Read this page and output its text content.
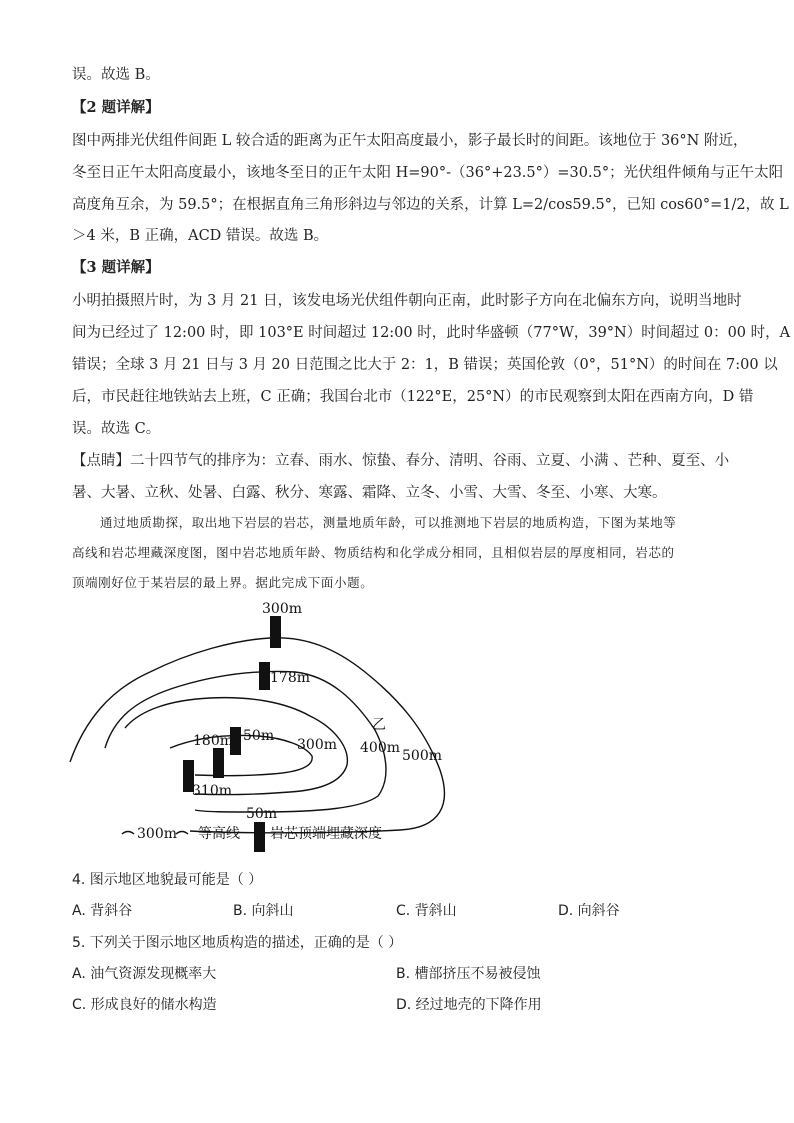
误。故选 B。
【2 题详解】
图中两排光伏组件间距 L 较合适的距离为正午太阳高度最小，影子最长时的间距。该地位于 36°N 附近，
冬至日正午太阳高度最小，该地冬至日的正午太阳 H=90°-（36°+23.5°）=30.5°；光伏组件倾角与正午太阳
高度角互余，为 59.5°；在根据直角三角形斜边与邻边的关系，计算 L=2/cos59.5°，已知 cos60°=1/2，故 L
＞4 米，B 正确，ACD 错误。故选 B。
【3 题详解】
小明拍摄照片时，为 3 月 21 日，该发电场光伏组件朝向正南，此时影子方向在北偏东方向，说明当地时
间为已经过了 12:00 时，即 103°E 时间超过 12:00 时，此时华盛顿（77°W，39°N）时间超过 0：00 时，A
错误；全球 3 月 21 日与 3 月 20 日范围之比大于 2：1，B 错误；英国伦敦（0°，51°N）的时间在 7:00 以
后，市民赶往地铁站去上班，C 正确；我国台北市（122°E，25°N）的市民观察到太阳在西南方向，D 错
误。故选 C。
【点睛】二十四节气的排序为：立春、雨水、惊蛰、春分、清明、谷雨、立夏、小满 、芒种、夏至、小
暑、大暑、立秋、处暑、白露、秋分、寒露、霜降、立冬、小雪、大雪、冬至、小寒、大寒。
通过地质勘探，取出地下岩层的岩芯，测量地质年龄，可以推测地下岩层的地质构造，下图为某地等
高线和岩芯埋藏深度图，图中岩芯地质年龄、物质结构和化学成分相同，且相似岩层的厚度相同，岩芯的
顶端刚好位于某岩层的最上界。据此完成下面小题。
300m
178m
50m
180m	300m
乙
400m 500m
310m
50m
300m 等高线 岩芯顶端埋藏深度
4. 图示地区地貌最可能是（ ）
A. 背斜谷	B. 向斜山	C. 背斜山	D. 向斜谷
5. 下列关于图示地区地质构造的描述，正确的是（ ）
A. 油气资源发现概率大	B. 槽部挤压不易被侵蚀
C. 形成良好的储水构造	D. 经过地壳的下降作用
